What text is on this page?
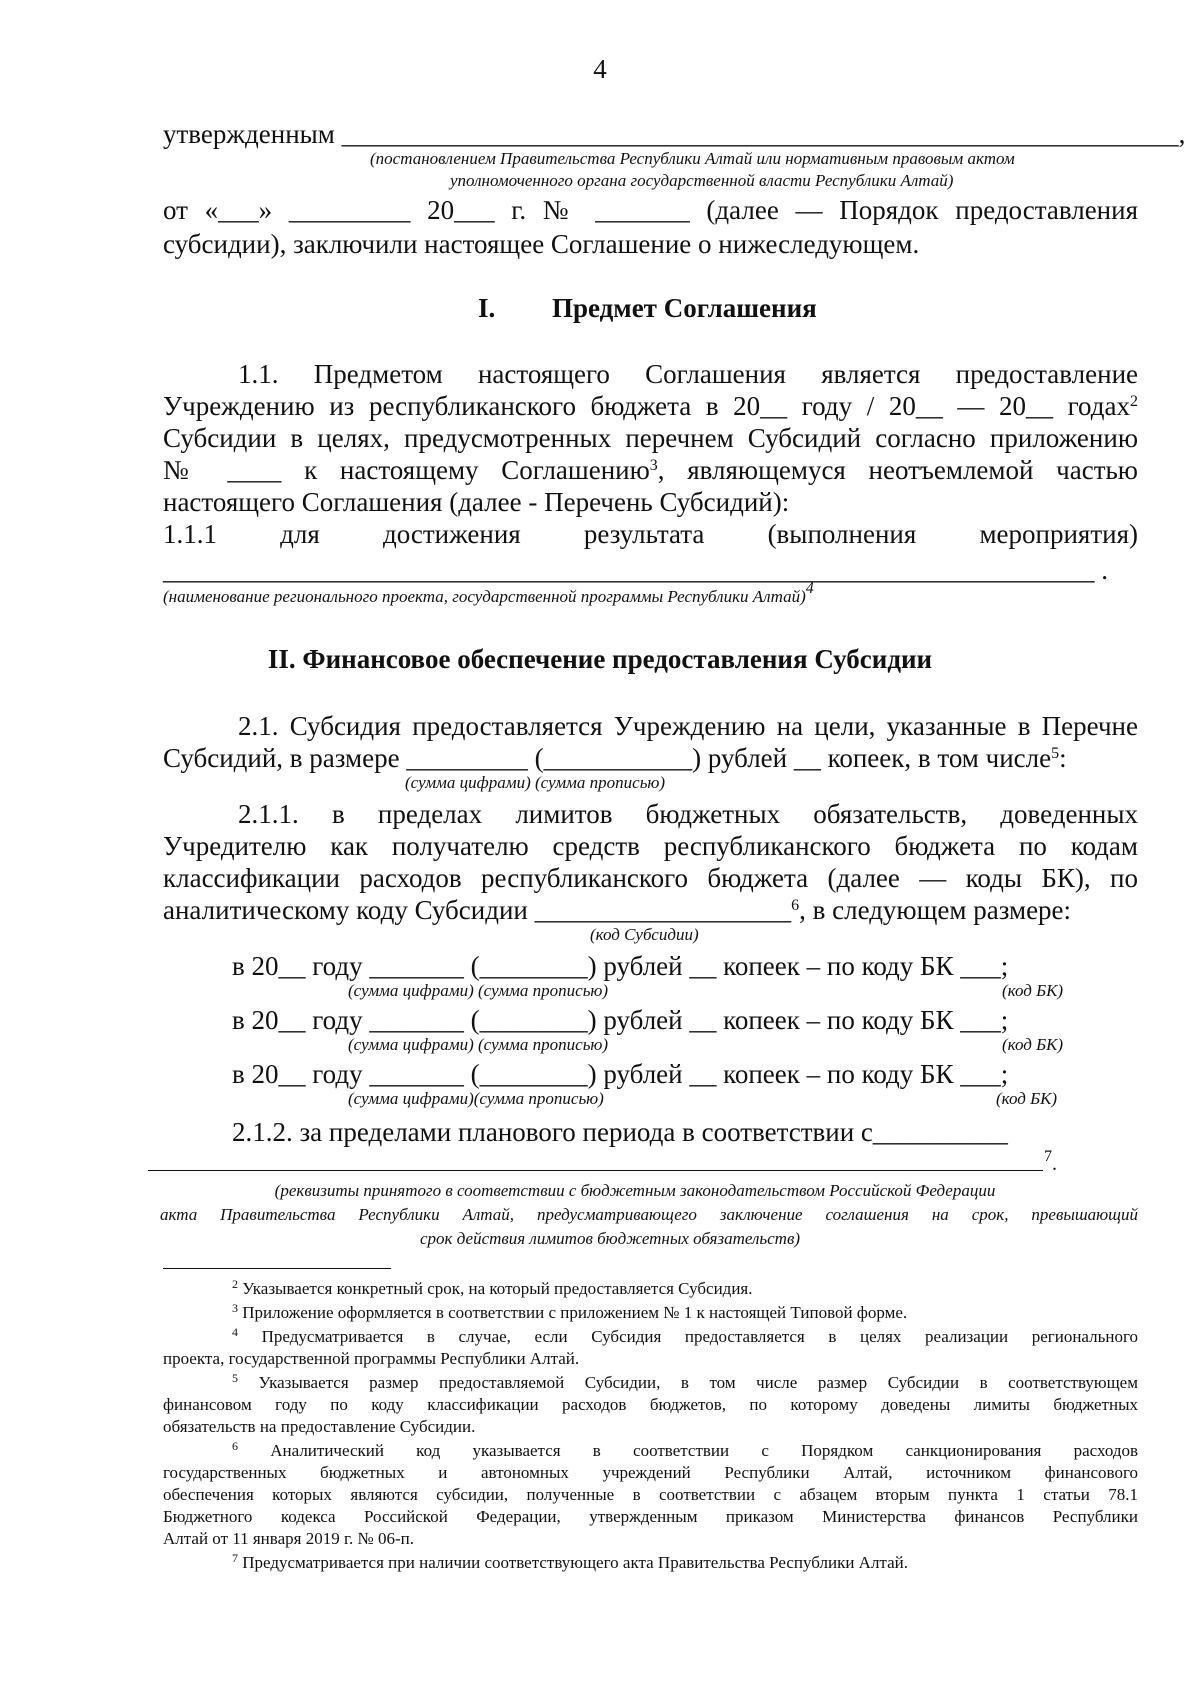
4
утвержденным ______________________________________________________________,
(постановлением Правительства Республики Алтай или нормативным правовым актом
уполномоченного органа государственной власти Республики Алтай)
от «___» _________ 20___ г. № _______ (далее — Порядок предоставления
субсидии), заключили настоящее Соглашение о нижеследующем.
I. Предмет Соглашения
1.1. Предметом настоящего Соглашения является предоставление
Учреждению из республиканского бюджета в 20__ году / 20__ — 20__ годах$^2$
Субсидии в целях, предусмотренных перечнем Субсидий согласно приложению
№ ____ к настоящему Соглашению$^3$, являющемуся неотъемлемой частью
настоящего Соглашения (далее - Перечень Субсидий):
1.1.1 для достижения результата (выполнения мероприятия)
_____________________________________________________________________ .
(наименование регионального проекта, государственной программы Республики Алтай)$^4$
II. Финансовое обеспечение предоставления Субсидии
2.1. Субсидия предоставляется Учреждению на цели, указанные в Перечне
Субсидий, в размере _________ (___________) рублей __ копеек, в том числе$^5$:
(сумма цифрами) (сумма прописью)
2.1.1. в пределах лимитов бюджетных обязательств, доведенных
Учредителю как получателю средств республиканского бюджета по кодам
классификации расходов республиканского бюджета (далее — коды БК), по
аналитическому коду Субсидии ___________________$^6$, в следующем размере:
(код Субсидии)
в 20__ году _______ (________) рублей __ копеек – по коду БК ___;
(сумма цифрами) (сумма прописью)	(код БК)
в 20__ году _______ (________) рублей __ копеек – по коду БК ___;
(сумма цифрами) (сумма прописью)	(код БК)
в 20__ году _______ (________) рублей __ копеек – по коду БК ___;
(сумма цифрами)(сумма прописью)	(код БК)
2.1.2. за пределами планового периода в соответствии с__________
$^7$.
(реквизиты принятого в соответствии с бюджетным законодательством Российской Федерации
акта Правительства Республики Алтай, предусматривающего заключение соглашения на срок, превышающий
срок действия лимитов бюджетных обязательств)
$^2$ Указывается конкретный срок, на который предоставляется Субсидия.
$^3$ Приложение оформляется в соответствии с приложением № 1 к настоящей Типовой форме.
$^4$ Предусматривается в случае, если Субсидия предоставляется в целях реализации регионального
проекта, государственной программы Республики Алтай.
$^5$ Указывается размер предоставляемой Субсидии, в том числе размер Субсидии в соответствующем
финансовом году по коду классификации расходов бюджетов, по которому доведены лимиты бюджетных
обязательств на предоставление Субсидии.
$^6$ Аналитический код указывается в соответствии с Порядком санкционирования расходов
государственных бюджетных и автономных учреждений Республики Алтай, источником финансового
обеспечения которых являются субсидии, полученные в соответствии с абзацем вторым пункта 1 статьи 78.1
Бюджетного кодекса Российской Федерации, утвержденным приказом Министерства финансов Республики
Алтай от 11 января 2019 г. № 06-п.
$^7$ Предусматривается при наличии соответствующего акта Правительства Республики Алтай.
